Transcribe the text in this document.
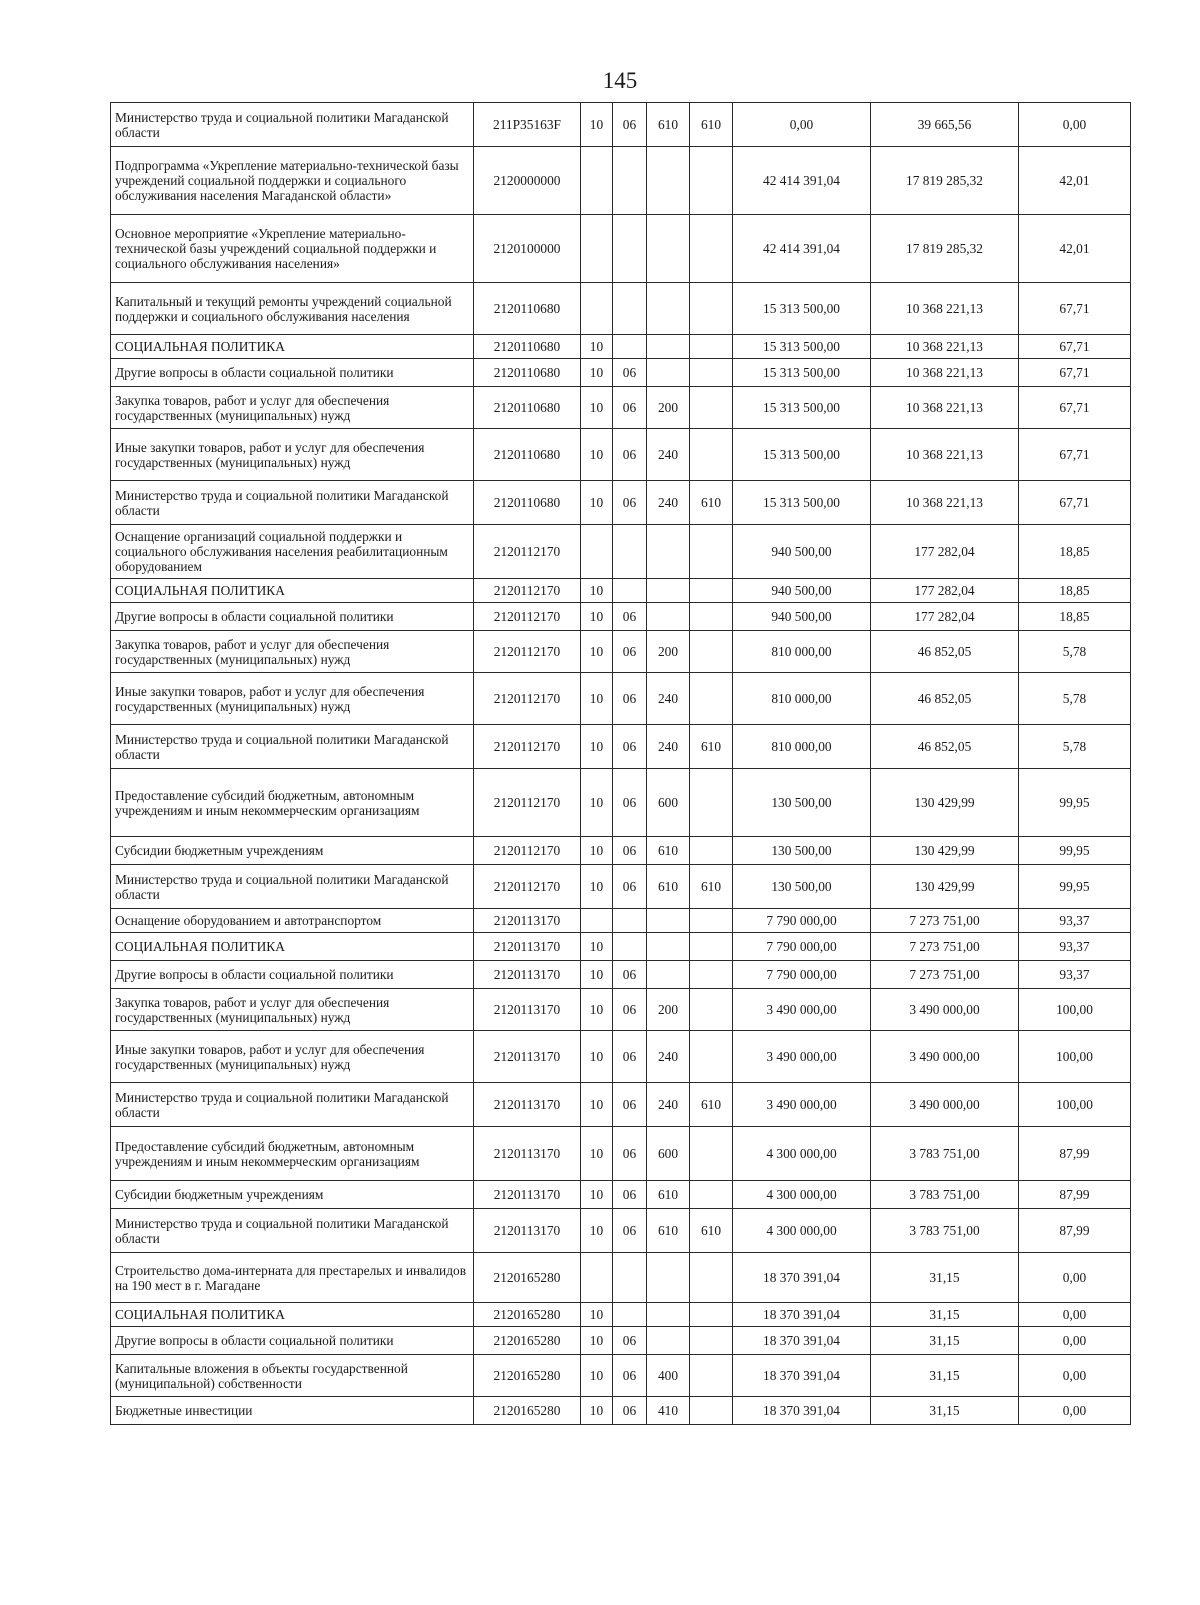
145
Министерство труда и социальной политики Магаданской области	211P35163F	10	06	610	610	0,00	39 665,56	0,00
Подпрограмма «Укрепление материально-технической базы учреждений социальной поддержки и социального обслуживания населения Магаданской области»	2120000000					42 414 391,04	17 819 285,32	42,01
Основное мероприятие «Укрепление материально-технической базы учреждений социальной поддержки и социального обслуживания населения»	2120100000					42 414 391,04	17 819 285,32	42,01
Капитальный и текущий ремонты учреждений социальной поддержки и социального обслуживания населения	2120110680					15 313 500,00	10 368 221,13	67,71
СОЦИАЛЬНАЯ ПОЛИТИКА	2120110680	10				15 313 500,00	10 368 221,13	67,71
Другие вопросы в области социальной политики	2120110680	10	06			15 313 500,00	10 368 221,13	67,71
Закупка товаров, работ и услуг для обеспечения государственных (муниципальных) нужд	2120110680	10	06	200		15 313 500,00	10 368 221,13	67,71
Иные закупки товаров, работ и услуг для обеспечения государственных (муниципальных) нужд	2120110680	10	06	240		15 313 500,00	10 368 221,13	67,71
Министерство труда и социальной политики Магаданской области	2120110680	10	06	240	610	15 313 500,00	10 368 221,13	67,71
Оснащение организаций социальной поддержки и социального обслуживания населения реабилитационным оборудованием	2120112170					940 500,00	177 282,04	18,85
СОЦИАЛЬНАЯ ПОЛИТИКА	2120112170	10				940 500,00	177 282,04	18,85
Другие вопросы в области социальной политики	2120112170	10	06			940 500,00	177 282,04	18,85
Закупка товаров, работ и услуг для обеспечения государственных (муниципальных) нужд	2120112170	10	06	200		810 000,00	46 852,05	5,78
Иные закупки товаров, работ и услуг для обеспечения государственных (муниципальных) нужд	2120112170	10	06	240		810 000,00	46 852,05	5,78
Министерство труда и социальной политики Магаданской области	2120112170	10	06	240	610	810 000,00	46 852,05	5,78
Предоставление субсидий бюджетным, автономным учреждениям и иным некоммерческим организациям	2120112170	10	06	600		130 500,00	130 429,99	99,95
Субсидии бюджетным учреждениям	2120112170	10	06	610		130 500,00	130 429,99	99,95
Министерство труда и социальной политики Магаданской области	2120112170	10	06	610	610	130 500,00	130 429,99	99,95
Оснащение оборудованием и автотранспортом	2120113170					7 790 000,00	7 273 751,00	93,37
СОЦИАЛЬНАЯ ПОЛИТИКА	2120113170	10				7 790 000,00	7 273 751,00	93,37
Другие вопросы в области социальной политики	2120113170	10	06			7 790 000,00	7 273 751,00	93,37
Закупка товаров, работ и услуг для обеспечения государственных (муниципальных) нужд	2120113170	10	06	200		3 490 000,00	3 490 000,00	100,00
Иные закупки товаров, работ и услуг для обеспечения государственных (муниципальных) нужд	2120113170	10	06	240		3 490 000,00	3 490 000,00	100,00
Министерство труда и социальной политики Магаданской области	2120113170	10	06	240	610	3 490 000,00	3 490 000,00	100,00
Предоставление субсидий бюджетным, автономным учреждениям и иным некоммерческим организациям	2120113170	10	06	600		4 300 000,00	3 783 751,00	87,99
Субсидии бюджетным учреждениям	2120113170	10	06	610		4 300 000,00	3 783 751,00	87,99
Министерство труда и социальной политики Магаданской области	2120113170	10	06	610	610	4 300 000,00	3 783 751,00	87,99
Строительство дома-интерната для престарелых и инвалидов на 190 мест в г. Магадане	2120165280					18 370 391,04	31,15	0,00
СОЦИАЛЬНАЯ ПОЛИТИКА	2120165280	10				18 370 391,04	31,15	0,00
Другие вопросы в области социальной политики	2120165280	10	06			18 370 391,04	31,15	0,00
Капитальные вложения в объекты государственной (муниципальной) собственности	2120165280	10	06	400		18 370 391,04	31,15	0,00
Бюджетные инвестиции	2120165280	10	06	410		18 370 391,04	31,15	0,00
